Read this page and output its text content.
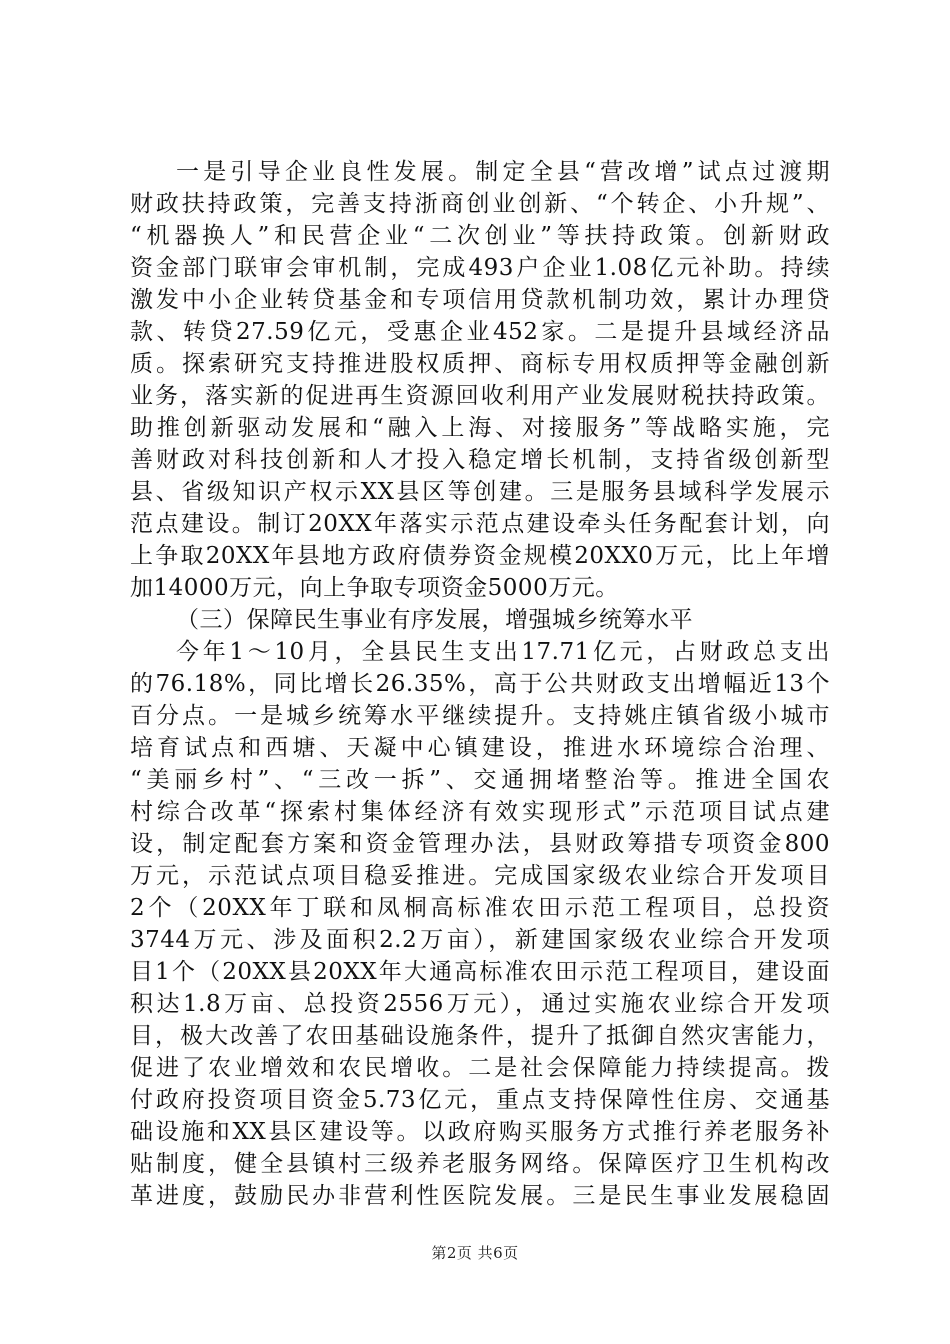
一是引导企业良性发展。制定全县“营改增”试点过渡期
财政扶持政策，完善支持浙商创业创新、“个转企、小升规”、
“机器换人”和民营企业“二次创业”等扶持政策。创新财政
资金部门联审会审机制，完成493户企业1.08亿元补助。持续
激发中小企业转贷基金和专项信用贷款机制功效，累计办理贷
款、转贷27.59亿元，受惠企业452家。二是提升县域经济品
质。探索研究支持推进股权质押、商标专用权质押等金融创新
业务，落实新的促进再生资源回收利用产业发展财税扶持政策。
助推创新驱动发展和“融入上海、对接服务”等战略实施，完
善财政对科技创新和人才投入稳定增长机制，支持省级创新型
县、省级知识产权示XX县区等创建。三是服务县域科学发展示
范点建设。制订20XX年落实示范点建设牵头任务配套计划，向
上争取20XX年县地方政府债券资金规模20XX0万元，比上年增
加14000万元，向上争取专项资金5000万元。
（三）保障民生事业有序发展，增强城乡统筹水平
今年1～10月，全县民生支出17.71亿元，占财政总支出
的76.18%，同比增长26.35%，高于公共财政支出增幅近13个
百分点。一是城乡统筹水平继续提升。支持姚庄镇省级小城市
培育试点和西塘、天凝中心镇建设，推进水环境综合治理、
“美丽乡村”、“三改一拆”、交通拥堵整治等。推进全国农
村综合改革“探索村集体经济有效实现形式”示范项目试点建
设，制定配套方案和资金管理办法，县财政筹措专项资金800
万元，示范试点项目稳妥推进。完成国家级农业综合开发项目
2个（20XX年丁联和凤桐高标准农田示范工程项目，总投资
3744万元、涉及面积2.2万亩），新建国家级农业综合开发项
目1个（20XX县20XX年大通高标准农田示范工程项目，建设面
积达1.8万亩、总投资2556万元），通过实施农业综合开发项
目，极大改善了农田基础设施条件，提升了抵御自然灾害能力，
促进了农业增效和农民增收。二是社会保障能力持续提高。拨
付政府投资项目资金5.73亿元，重点支持保障性住房、交通基
础设施和XX县区建设等。以政府购买服务方式推行养老服务补
贴制度，健全县镇村三级养老服务网络。保障医疗卫生机构改
革进度，鼓励民办非营利性医院发展。三是民生事业发展稳固
第2页 共6页
